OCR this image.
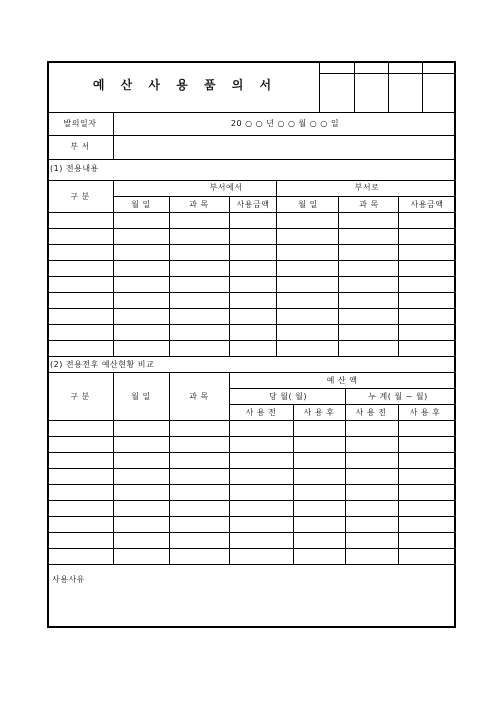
예 산 사 용 품 의 서
발의일자	20 ○ ○ 년 ○ ○ 월 ○ ○ 일
부 서
(1) 전용내용
구 분
부서에서	부서로
월 일	과 목	사용금액	월 일	과 목	사용금액
(2) 전용전후 예산현황 비교
구 분	월 일	과 목
예 산 액
당 월( 월)	누 계( 월 ~ 월)
사 용 전	사 용 후	사 용 전	사 용 후
사용사유
